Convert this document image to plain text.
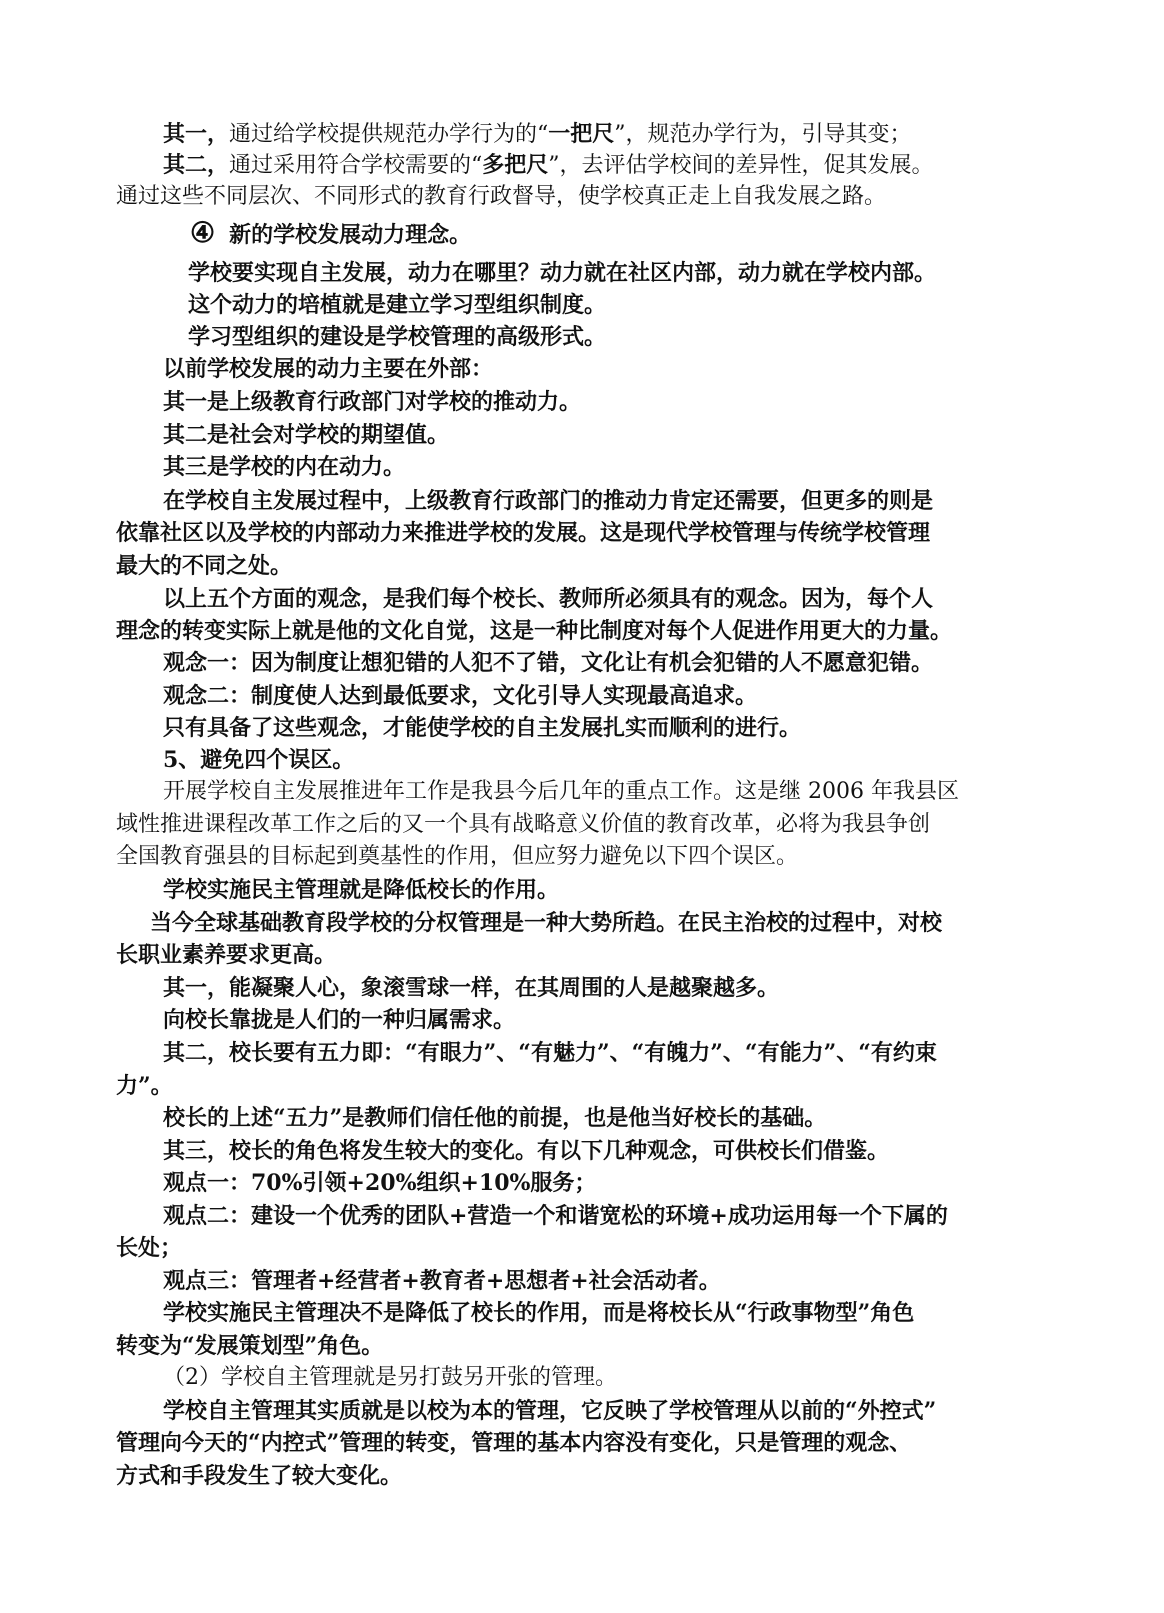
其一，通过给学校提供规范办学行为的“一把尺”，规范办学行为，引导其变；
其二，通过采用符合学校需要的“多把尺”，去评估学校间的差异性，促其发展。
通过这些不同层次、不同形式的教育行政督导，使学校真正走上自我发展之路。
④ 新的学校发展动力理念。
学校要实现自主发展，动力在哪里？动力就在社区内部，动力就在学校内部。
这个动力的培植就是建立学习型组织制度。
学习型组织的建设是学校管理的高级形式。
以前学校发展的动力主要在外部：
其一是上级教育行政部门对学校的推动力。
其二是社会对学校的期望值。
其三是学校的内在动力。
在学校自主发展过程中，上级教育行政部门的推动力肯定还需要，但更多的则是
依靠社区以及学校的内部动力来推进学校的发展。这是现代学校管理与传统学校管理
最大的不同之处。
以上五个方面的观念，是我们每个校长、教师所必须具有的观念。因为，每个人
理念的转变实际上就是他的文化自觉，这是一种比制度对每个人促进作用更大的力量。
观念一：因为制度让想犯错的人犯不了错，文化让有机会犯错的人不愿意犯错。
观念二：制度使人达到最低要求，文化引导人实现最高追求。
只有具备了这些观念，才能使学校的自主发展扎实而顺利的进行。
5、避免四个误区。
开展学校自主发展推进年工作是我县今后几年的重点工作。这是继 2006 年我县区
域性推进课程改革工作之后的又一个具有战略意义价值的教育改革，必将为我县争创
全国教育强县的目标起到奠基性的作用，但应努力避免以下四个误区。
学校实施民主管理就是降低校长的作用。
当今全球基础教育段学校的分权管理是一种大势所趋。在民主治校的过程中，对校
长职业素养要求更高。
其一，能凝聚人心，象滚雪球一样，在其周围的人是越聚越多。
向校长靠拢是人们的一种归属需求。
其二，校长要有五力即：“有眼力”、“有魅力”、“有魄力”、“有能力”、“有约束
力”。
校长的上述“五力”是教师们信任他的前提，也是他当好校长的基础。
其三，校长的角色将发生较大的变化。有以下几种观念，可供校长们借鉴。
观点一：70%引领+20%组织+10%服务；
观点二：建设一个优秀的团队+营造一个和谐宽松的环境+成功运用每一个下属的
长处；
观点三：管理者+经营者+教育者+思想者+社会活动者。
学校实施民主管理决不是降低了校长的作用，而是将校长从“行政事物型”角色
转变为“发展策划型”角色。
（2）学校自主管理就是另打鼓另开张的管理。
学校自主管理其实质就是以校为本的管理，它反映了学校管理从以前的“外控式”
管理向今天的“内控式”管理的转变，管理的基本内容没有变化，只是管理的观念、
方式和手段发生了较大变化。
